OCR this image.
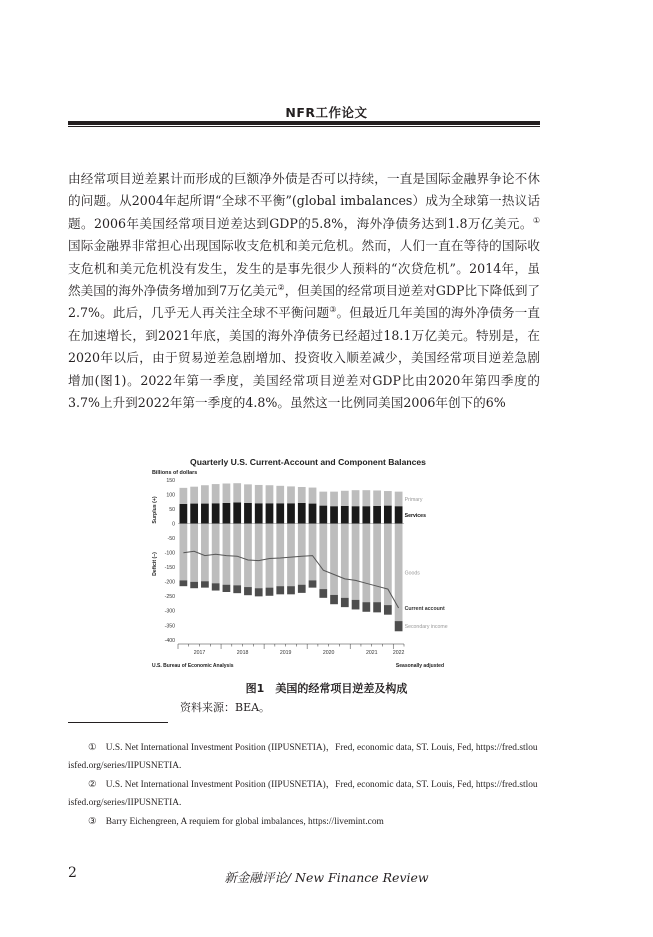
NFR工作论文

由经常项目逆差累计而形成的巨额净外债是否可以持续，一直是国际金融界争论不休的问题。从2004年起所谓“全球不平衡”(global imbalances）成为全球第一热议话题。2006年美国经常项目逆差达到GDP的5.8%，海外净债务达到1.8万亿美元。①国际金融界非常担心出现国际收支危机和美元危机。然而，人们一直在等待的国际收支危机和美元危机没有发生，发生的是事先很少人预料的“次贷危机”。2014年，虽然美国的海外净债务增加到7万亿美元②，但美国的经常项目逆差对GDP比下降低到了2.7%。此后，几乎无人再关注全球不平衡问题③。但最近几年美国的海外净债务一直在加速增长，到2021年底，美国的海外净债务已经超过18.1万亿美元。特别是，在2020年以后，由于贸易逆差急剧增加、投资收入顺差减少，美国经常项目逆差急剧增加(图1)。2022年第一季度，美国经常项目逆差对GDP比由2020年第四季度的3.7%上升到2022年第一季度的4.8%。虽然这一比例同美国2006年创下的6%

Quarterly U.S. Current-Account and Component Balances
Billions of dollars
Surplus (+)
Deficit (–)
150
100
50
0
-50
-100
-150
-200
-250
-300
-350
-400
Primary
Services
Goods
Current account
Secondary income
2017	2018	2019	2020	2021	2022
U.S. Bureau of Economic Analysis	Seasonally adjusted
图1　美国的经常项目逆差及构成
资料来源：BEA。

①　U.S. Net International Investment Position (IIPUSNETIA)，Fred, economic data, ST. Louis, Fed, https://fred.stlouisfed.org/series/IIPUSNETIA.

②　U.S. Net International Investment Position (IIPUSNETIA)，Fred, economic data, ST. Louis, Fed, https://fred.stlouisfed.org/series/IIPUSNETIA.

③　Barry Eichengreen, A requiem for global imbalances, https://livemint.com

2	新金融评论/ New Finance Review
